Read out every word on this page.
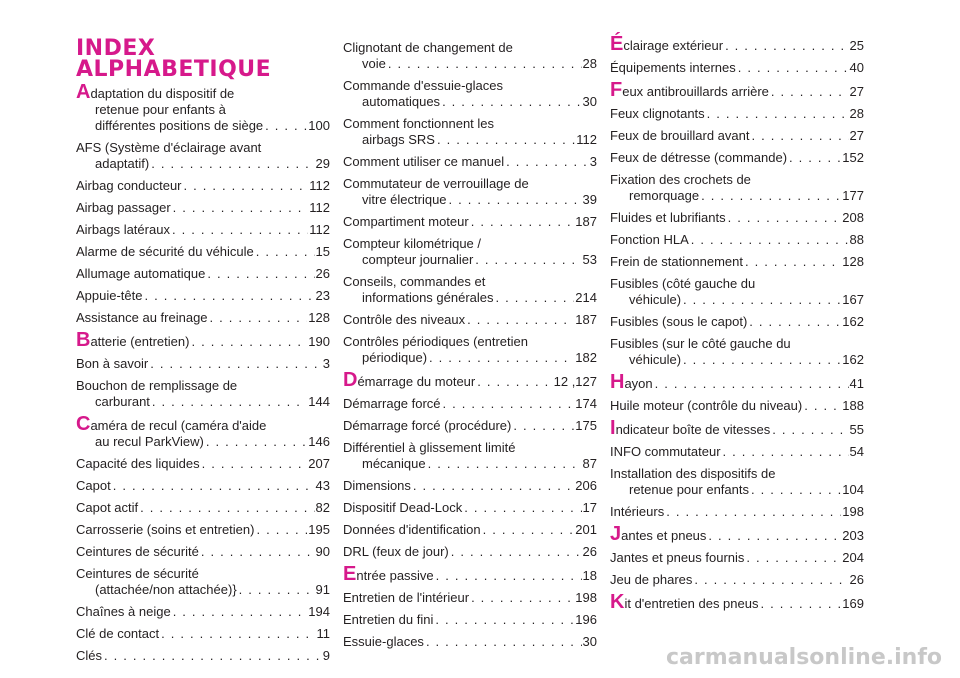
INDEX
ALPHABETIQUE
Adaptation du dispositif de
retenue pour enfants à
différentes positions de siège . . .	100
AFS (Système d'éclairage avant
adaptatif) . . .	29
Airbag conducteur . . .	112
Airbag passager . . .	112
Airbags latéraux . . .	112
Alarme de sécurité du véhicule . . .	15
Allumage automatique . . .	26
Appuie-tête . . .	23
Assistance au freinage . . .	128
Batterie (entretien) . . .	190
Bon à savoir . . .	3
Bouchon de remplissage de
carburant . . .	144
Caméra de recul (caméra d'aide
au recul ParkView) . . .	146
Capacité des liquides . . .	207
Capot . . .	43
Capot actif . . .	82
Carrosserie (soins et entretien) . . .	195
Ceintures de sécurité . . .	90
Ceintures de sécurité
(attachée/non attachée)} . . .	91
Chaînes à neige . . .	194
Clé de contact . . .	11
Clés . . .	9
Clignotant de changement de
voie . . .	28
Commande d'essuie-glaces
automatiques . . .	30
Comment fonctionnent les
airbags SRS . . .	112
Comment utiliser ce manuel . . .	3
Commutateur de verrouillage de
vitre électrique . . .	39
Compartiment moteur . . .	187
Compteur kilométrique /
compteur journalier . . .	53
Conseils, commandes et
informations générales . . .	214
Contrôle des niveaux . . .	187
Contrôles périodiques (entretien
périodique) . . .	182
Démarrage du moteur . . .	12 ,127
Démarrage forcé . . .	174
Démarrage forcé (procédure) . . .	175
Différentiel à glissement limité
mécanique . . .	87
Dimensions . . .	206
Dispositif Dead-Lock . . .	17
Données d'identification . . .	201
DRL (feux de jour) . . .	26
Entrée passive . . .	18
Entretien de l'intérieur . . .	198
Entretien du fini . . .	196
Essuie-glaces . . .	30
Éclairage extérieur . . .	25
Équipements internes . . .	40
Feux antibrouillards arrière . . .	27
Feux clignotants . . .	28
Feux de brouillard avant . . .	27
Feux de détresse (commande) . . .	152
Fixation des crochets de
remorquage . . .	177
Fluides et lubrifiants . . .	208
Fonction HLA . . .	88
Frein de stationnement . . .	128
Fusibles (côté gauche du
véhicule) . . .	167
Fusibles (sous le capot) . . .	162
Fusibles (sur le côté gauche du
véhicule) . . .	162
Hayon . . .	41
Huile moteur (contrôle du niveau) . . .	188
Indicateur boîte de vitesses . . .	55
INFO commutateur . . .	54
Installation des dispositifs de
retenue pour enfants . . .	104
Intérieurs . . .	198
Jantes et pneus . . .	203
Jantes et pneus fournis . . .	204
Jeu de phares . . .	26
Kit d'entretien des pneus . . .	169
carmanualsonline.info
